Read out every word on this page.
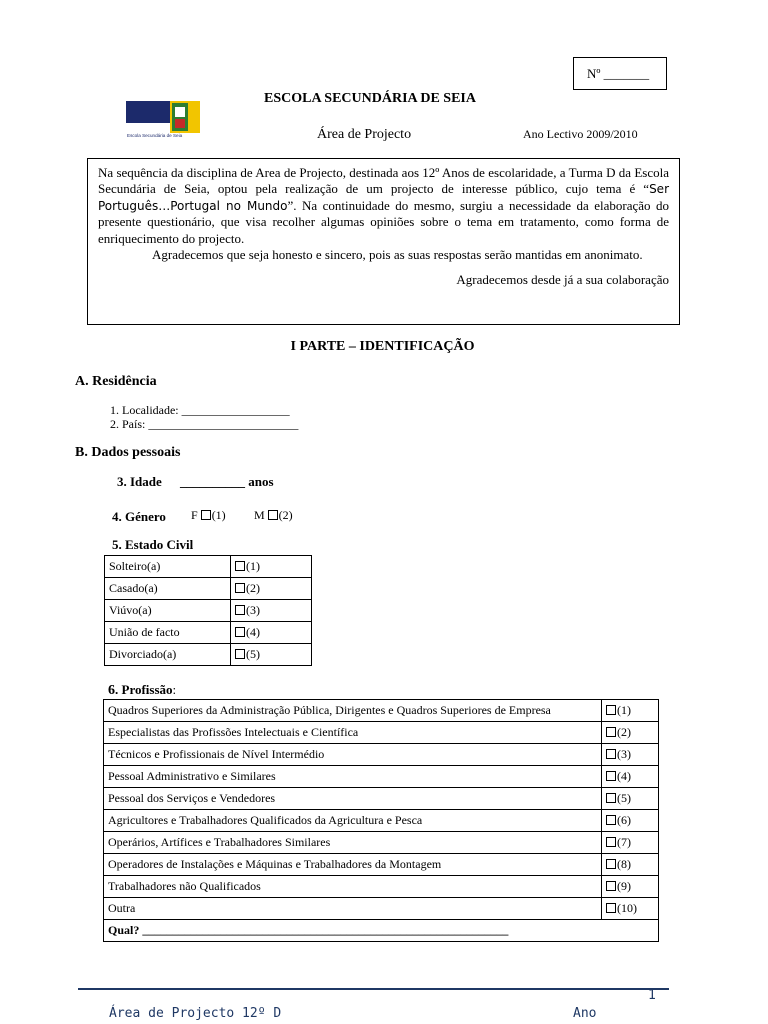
Nº _______
Escola Secundária de Seia
ESCOLA SECUNDÁRIA DE SEIA
Área de Projecto	Ano Lectivo 2009/2010

Na sequência da disciplina de Area de Projecto, destinada aos 12º Anos de escolaridade, a Turma D da Escola Secundária de Seia, optou pela realização de um projecto de interesse público, cujo tema é “Ser Português…Portugal no Mundo”. Na continuidade do mesmo, surgiu a necessidade da elaboração do presente questionário, que visa recolher algumas opiniões sobre o tema em tratamento, como forma de enriquecimento do projecto.

Agradecemos que seja honesto e sincero, pois as suas respostas serão mantidas em anonimato.

Agradecemos desde já a sua colaboração

I PARTE – IDENTIFICAÇÃO
A. Residência
1. Localidade: __________________
2. País: _________________________
B. Dados pessoais
3. Idade __________ anos
4. Género F (1) M (2)
5. Estado Civil
Solteiro(a)	(1)
Casado(a)	(2)
Viúvo(a)	(3)
União de facto	(4)
Divorciado(a)	(5)
6. Profissão:
Quadros Superiores da Administração Pública, Dirigentes e Quadros Superiores de Empresa	(1)
Especialistas das Profissões Intelectuais e Científica	(2)
Técnicos e Profissionais de Nível Intermédio	(3)
Pessoal Administrativo e Similares	(4)
Pessoal dos Serviços e Vendedores	(5)
Agricultores e Trabalhadores Qualificados da Agricultura e Pesca	(6)
Operários, Artífices e Trabalhadores Similares	(7)
Operadores de Instalações e Máquinas e Trabalhadores da Montagem	(8)
Trabalhadores não Qualificados	(9)
Outra	(10)
Qual? _____________________________________________________________	
1
Área de Projecto 12º D	Ano
